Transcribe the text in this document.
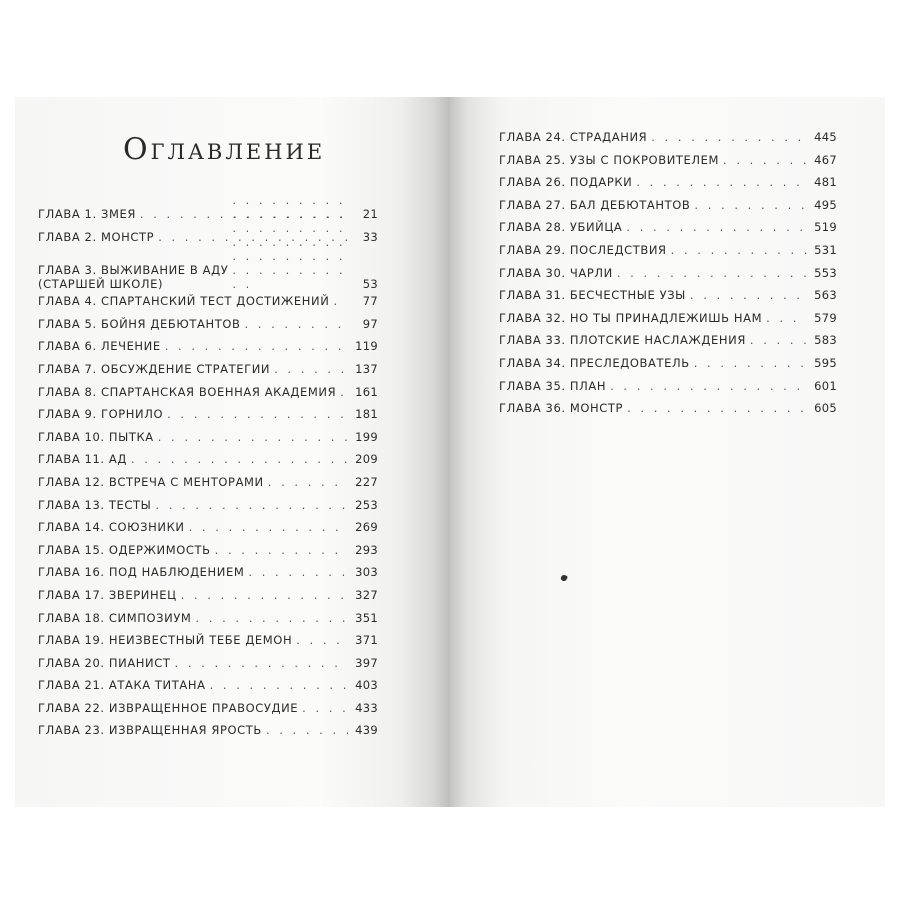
Оглавление
ГЛАВА 1. ЗМЕЯ . . .	21
ГЛАВА 2. МОНСТР . . .	33
ГЛАВА 3. ВЫЖИВАНИЕ В АДУ
(СТАРШЕЙ ШКОЛЕ) . . .	53
ГЛАВА 4. СПАРТАНСКИЙ ТЕСТ ДОСТИЖЕНИЙ . . .	77
ГЛАВА 5. БОЙНЯ ДЕБЮТАНТОВ . . .	97
ГЛАВА 6. ЛЕЧЕНИЕ . . .	119
ГЛАВА 7. ОБСУЖДЕНИЕ СТРАТЕГИИ . . .	137
ГЛАВА 8. СПАРТАНСКАЯ ВОЕННАЯ АКАДЕМИЯ . . . 161
ГЛАВА 9. ГОРНИЛО . . .	181
ГЛАВА 10. ПЫТКА . . .	199
ГЛАВА 11. АД . . .	209
ГЛАВА 12. ВСТРЕЧА С МЕНТОРАМИ . . .	227
ГЛАВА 13. ТЕСТЫ . . .	253
ГЛАВА 14. СОЮЗНИКИ . . .	269
ГЛАВА 15. ОДЕРЖИМОСТЬ . . .	293
ГЛАВА 16. ПОД НАБЛЮДЕНИЕМ . . .	303
ГЛАВА 17. ЗВЕРИНЕЦ . . .	327
ГЛАВА 18. СИМПОЗИУМ . . .	351
ГЛАВА 19. НЕИЗВЕСТНЫЙ ТЕБЕ ДЕМОН . . .	371
ГЛАВА 20. ПИАНИСТ . . .	397
ГЛАВА 21. АТАКА ТИТАНА . . .	403
ГЛАВА 22. ИЗВРАЩЕННОЕ ПРАВОСУДИЕ . . .	433
ГЛАВА 23. ИЗВРАЩЕННАЯ ЯРОСТЬ . . .	439
ГЛАВА 24. СТРАДАНИЯ . . .	445
ГЛАВА 25. УЗЫ С ПОКРОВИТЕЛЕМ . . .	467
ГЛАВА 26. ПОДАРКИ . . .	481
ГЛАВА 27. БАЛ ДЕБЮТАНТОВ . . .	495
ГЛАВА 28. УБИЙЦА . . .	519
ГЛАВА 29. ПОСЛЕДСТВИЯ . . .	531
ГЛАВА 30. ЧАРЛИ . . .	553
ГЛАВА 31. БЕСЧЕСТНЫЕ УЗЫ . . .	563
ГЛАВА 32. НО ТЫ ПРИНАДЛЕЖИШЬ НАМ . . .	579
ГЛАВА 33. ПЛОТСКИЕ НАСЛАЖДЕНИЯ . . .	583
ГЛАВА 34. ПРЕСЛЕДОВАТЕЛЬ . . .	595
ГЛАВА 35. ПЛАН . . .	601
ГЛАВА 36. МОНСТР . . .	605
